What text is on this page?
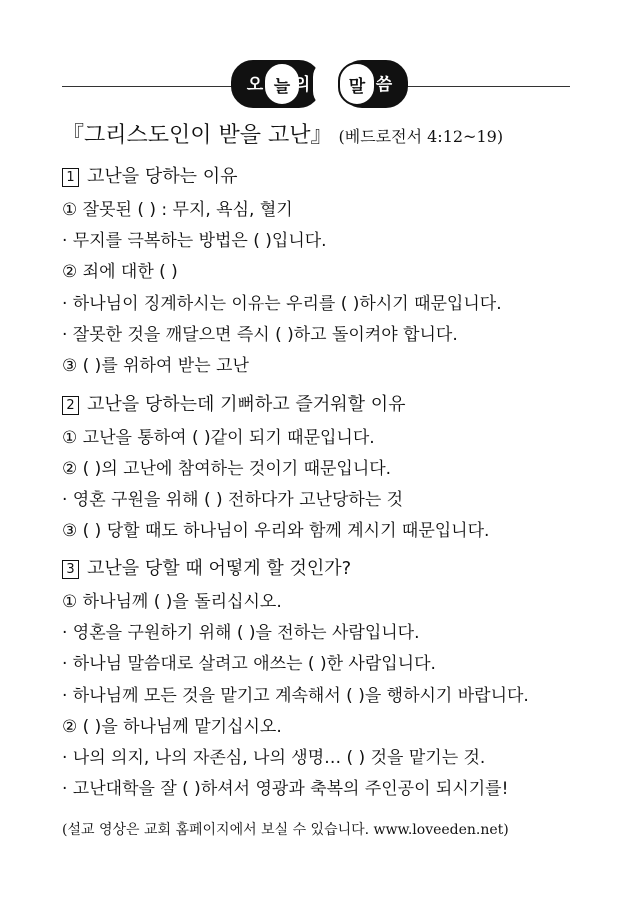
오 늘 의 말 씀
『그리스도인이 받을 고난』 (베드로전서 4:12~19)
1 고난을 당하는 이유
① 잘못된 ( ) : 무지, 욕심, 혈기
· 무지를 극복하는 방법은 ( )입니다.
② 죄에 대한 ( )
· 하나님이 징계하시는 이유는 우리를 ( )하시기 때문입니다.
· 잘못한 것을 깨달으면 즉시 ( )하고 돌이켜야 합니다.
③ ( )를 위하여 받는 고난
2 고난을 당하는데 기뻐하고 즐거워할 이유
① 고난을 통하여 ( )같이 되기 때문입니다.
② ( )의 고난에 참여하는 것이기 때문입니다.
· 영혼 구원을 위해 ( ) 전하다가 고난당하는 것
③ ( ) 당할 때도 하나님이 우리와 함께 계시기 때문입니다.
3 고난을 당할 때 어떻게 할 것인가?
① 하나님께 ( )을 돌리십시오.
· 영혼을 구원하기 위해 ( )을 전하는 사람입니다.
· 하나님 말씀대로 살려고 애쓰는 ( )한 사람입니다.
· 하나님께 모든 것을 맡기고 계속해서 ( )을 행하시기 바랍니다.
② ( )을 하나님께 맡기십시오.
· 나의 의지, 나의 자존심, 나의 생명… ( ) 것을 맡기는 것.
· 고난대학을 잘 ( )하셔서 영광과 축복의 주인공이 되시기를!
(설교 영상은 교회 홈페이지에서 보실 수 있습니다. www.loveeden.net)
